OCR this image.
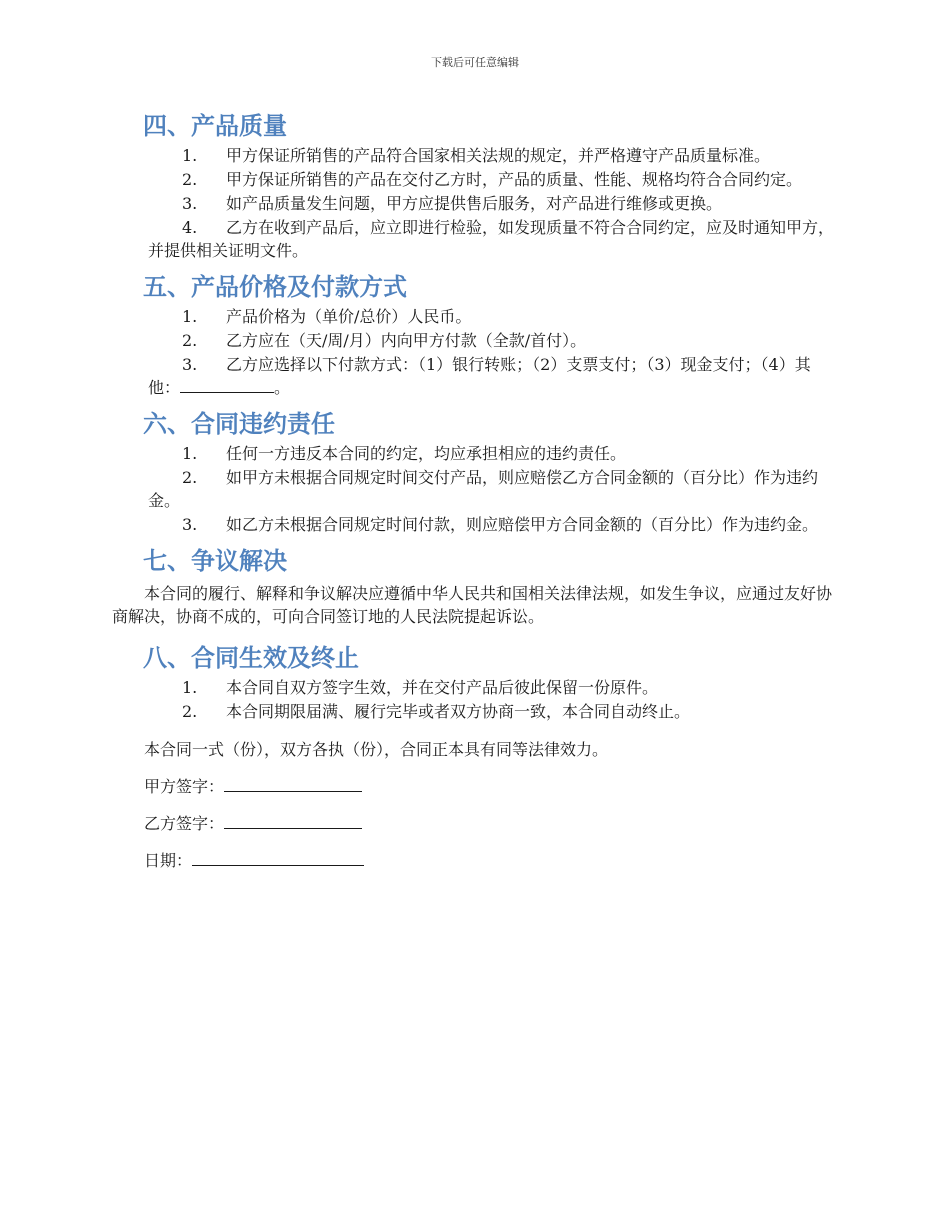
下载后可任意编辑
四、产品质量
1.	甲方保证所销售的产品符合国家相关法规的规定，并严格遵守产品质量标准。
2.	甲方保证所销售的产品在交付乙方时，产品的质量、性能、规格均符合合同约定。
3.	如产品质量发生问题，甲方应提供售后服务，对产品进行维修或更换。
4.	乙方在收到产品后，应立即进行检验，如发现质量不符合合同约定，应及时通知甲方，并提供相关证明文件。
五、产品价格及付款方式
1.	产品价格为（单价/总价）人民币。
2.	乙方应在（天/周/月）内向甲方付款（全款/首付）。
3.	乙方应选择以下付款方式：（1）银行转账；（2）支票支付；（3）现金支付；（4）其他：	。
六、合同违约责任
1.	任何一方违反本合同的约定，均应承担相应的违约责任。
2.	如甲方未根据合同规定时间交付产品，则应赔偿乙方合同金额的（百分比）作为违约金。
3.	如乙方未根据合同规定时间付款，则应赔偿甲方合同金额的（百分比）作为违约金。
七、争议解决

本合同的履行、解释和争议解决应遵循中华人民共和国相关法律法规，如发生争议，应通过友好协商解决，协商不成的，可向合同签订地的人民法院提起诉讼。

八、合同生效及终止
1.	本合同自双方签字生效，并在交付产品后彼此保留一份原件。
2.	本合同期限届满、履行完毕或者双方协商一致，本合同自动终止。

本合同一式（份），双方各执（份），合同正本具有同等法律效力。

甲方签字：

乙方签字：

日期：
